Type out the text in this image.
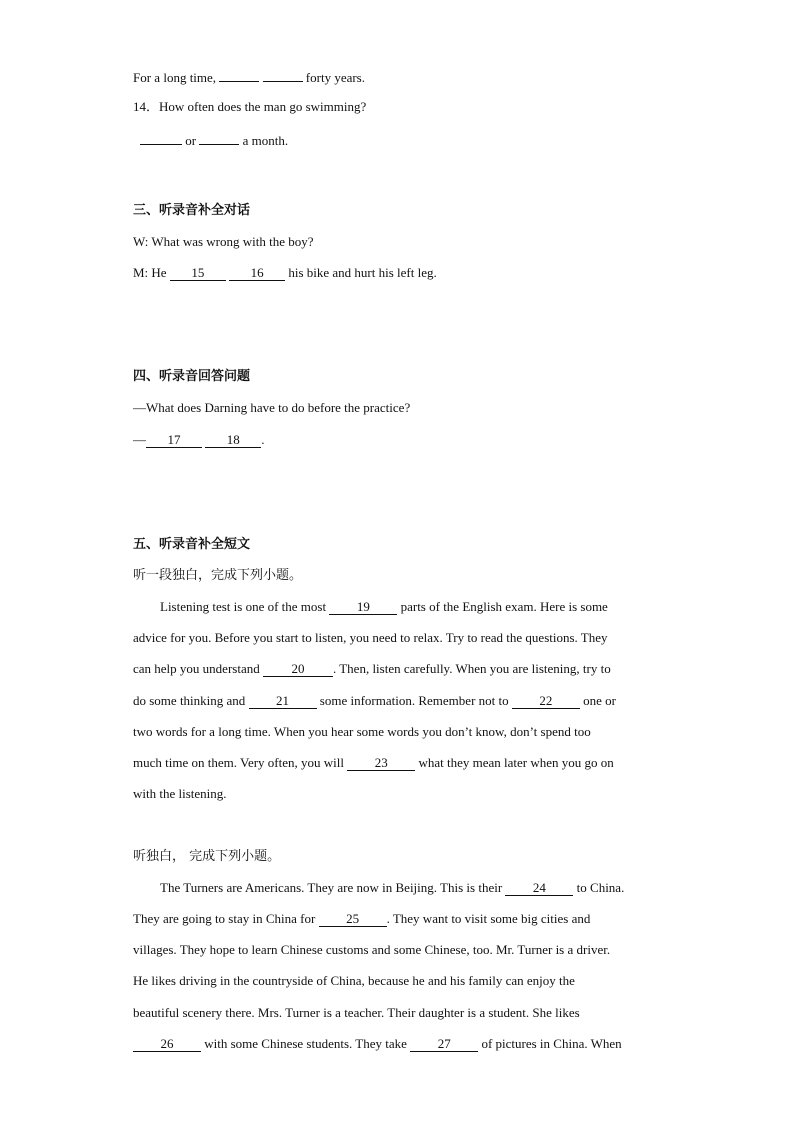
For a long time,	forty years.
14．How often does the man go swimming?
or	a month.
三、听录音补全对话
W: What was wrong with the boy?
M: He 15	16 his bike and hurt his left leg.
四、听录音回答问题
—What does Darning have to do before the practice?
— 17	18 .
五、听录音补全短文
听一段独白，完成下列小题。
Listening test is one of the most 19 parts of the English exam. Here is some
advice for you. Before you start to listen, you need to relax. Try to read the questions. They
can help you understand 20 . Then, listen carefully. When you are listening, try to
do some thinking and 21 some information. Remember not to 22 one or
two words for a long time. When you hear some words you don’t know, don’t spend too
much time on them. Very often, you will 23 what they mean later when you go on
with the listening.
听独白， 完成下列小题。
The Turners are Americans. They are now in Beijing. This is their 24 to China.
They are going to stay in China for 25 . They want to visit some big cities and
villages. They hope to learn Chinese customs and some Chinese, too. Mr. Turner is a driver.
He likes driving in the countryside of China, because he and his family can enjoy the
beautiful scenery there. Mrs. Turner is a teacher. Their daughter is a student. She likes
26 with some Chinese students. They take 27 of pictures in China. When
